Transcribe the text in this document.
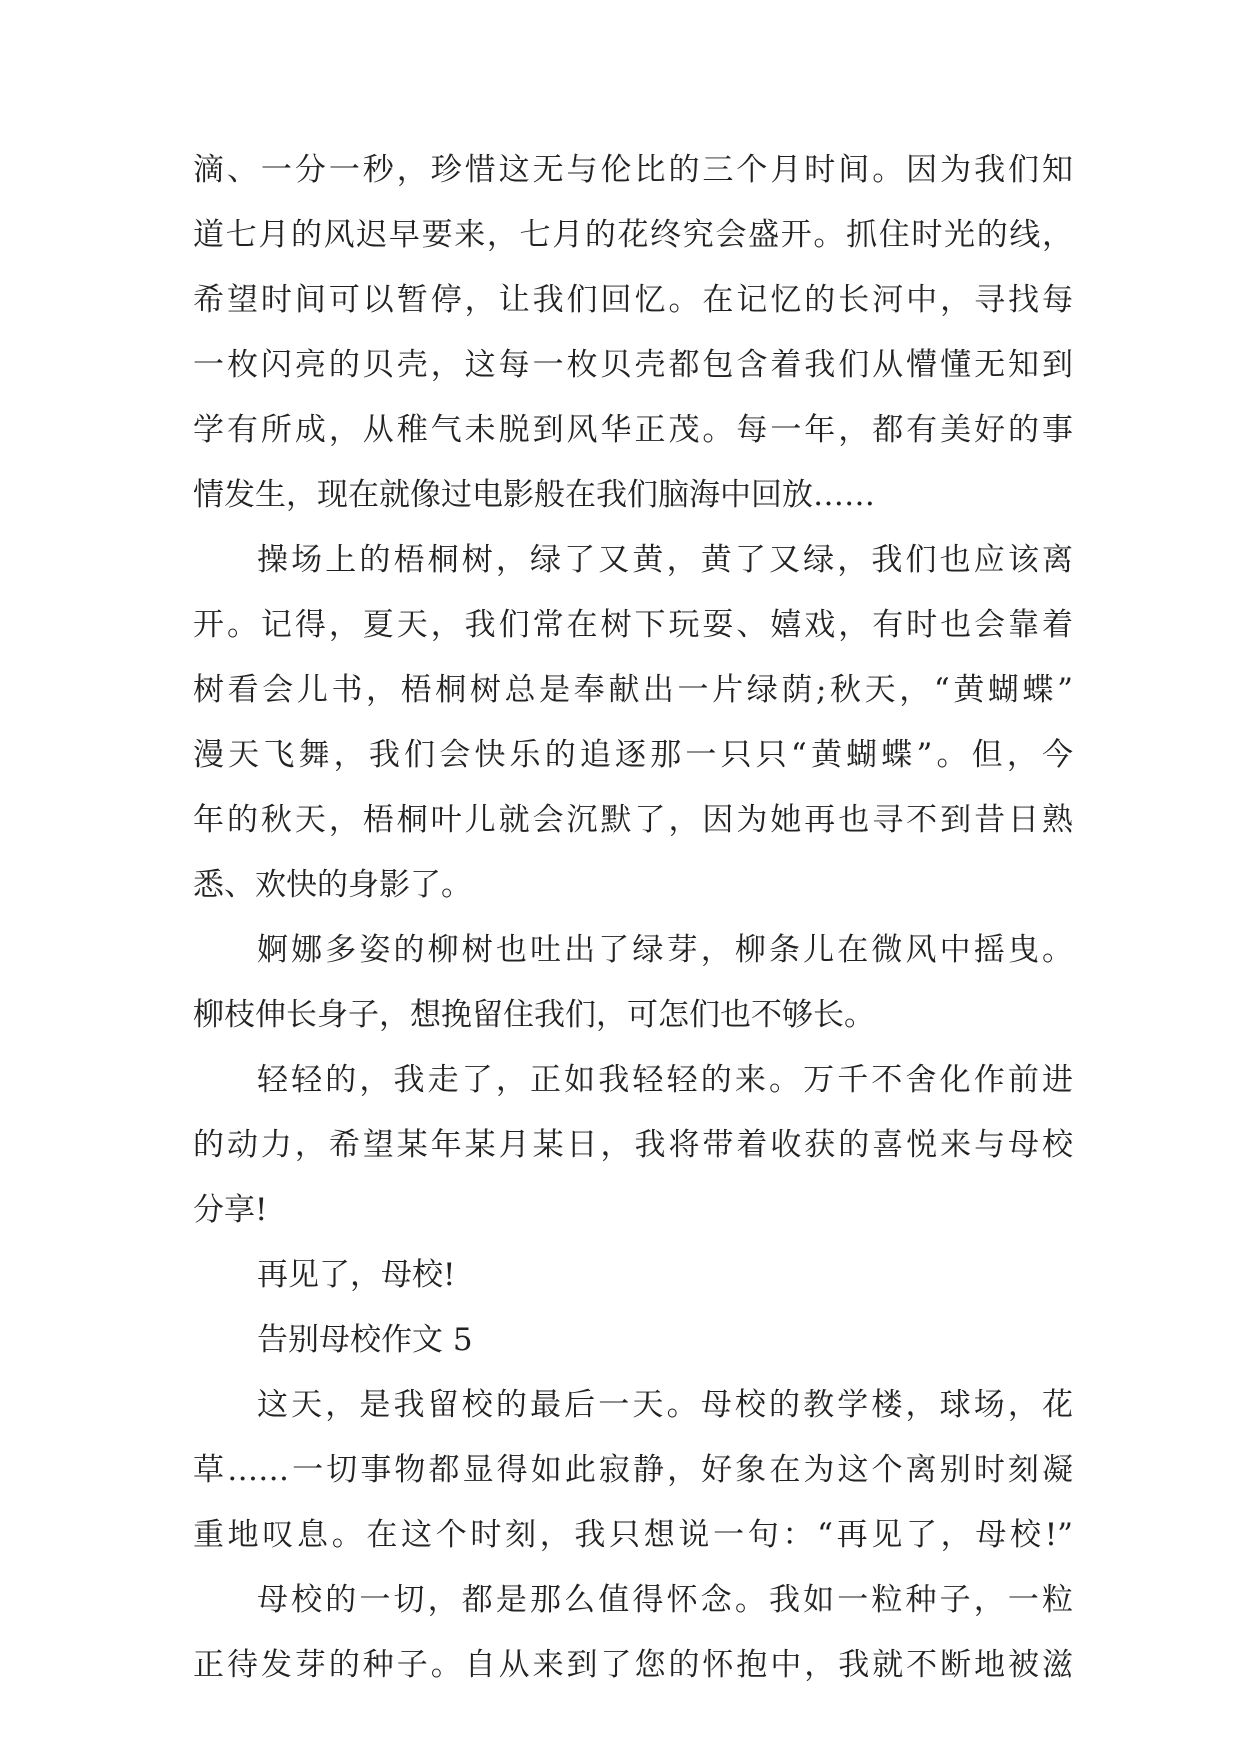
滴、一分一秒，珍惜这无与伦比的三个月时间。因为我们知
道七月的风迟早要来，七月的花终究会盛开。抓住时光的线，
希望时间可以暂停，让我们回忆。在记忆的长河中，寻找每
一枚闪亮的贝壳，这每一枚贝壳都包含着我们从懵懂无知到
学有所成，从稚气未脱到风华正茂。每一年，都有美好的事
情发生，现在就像过电影般在我们脑海中回放……
操场上的梧桐树，绿了又黄，黄了又绿，我们也应该离
开。记得，夏天，我们常在树下玩耍、嬉戏，有时也会靠着
树看会儿书，梧桐树总是奉献出一片绿荫;秋天，“黄蝴蝶”
漫天飞舞，我们会快乐的追逐那一只只“黄蝴蝶”。但，今
年的秋天，梧桐叶儿就会沉默了，因为她再也寻不到昔日熟
悉、欢快的身影了。
婀娜多姿的柳树也吐出了绿芽，柳条儿在微风中摇曳。
柳枝伸长身子，想挽留住我们，可怎们也不够长。
轻轻的，我走了，正如我轻轻的来。万千不舍化作前进
的动力，希望某年某月某日，我将带着收获的喜悦来与母校
分享!
再见了，母校!
告别母校作文 5
这天，是我留校的最后一天。母校的教学楼，球场，花
草……一切事物都显得如此寂静，好象在为这个离别时刻凝
重地叹息。在这个时刻，我只想说一句：“再见了，母校!”
母校的一切，都是那么值得怀念。我如一粒种子，一粒
正待发芽的种子。自从来到了您的怀抱中，我就不断地被滋
